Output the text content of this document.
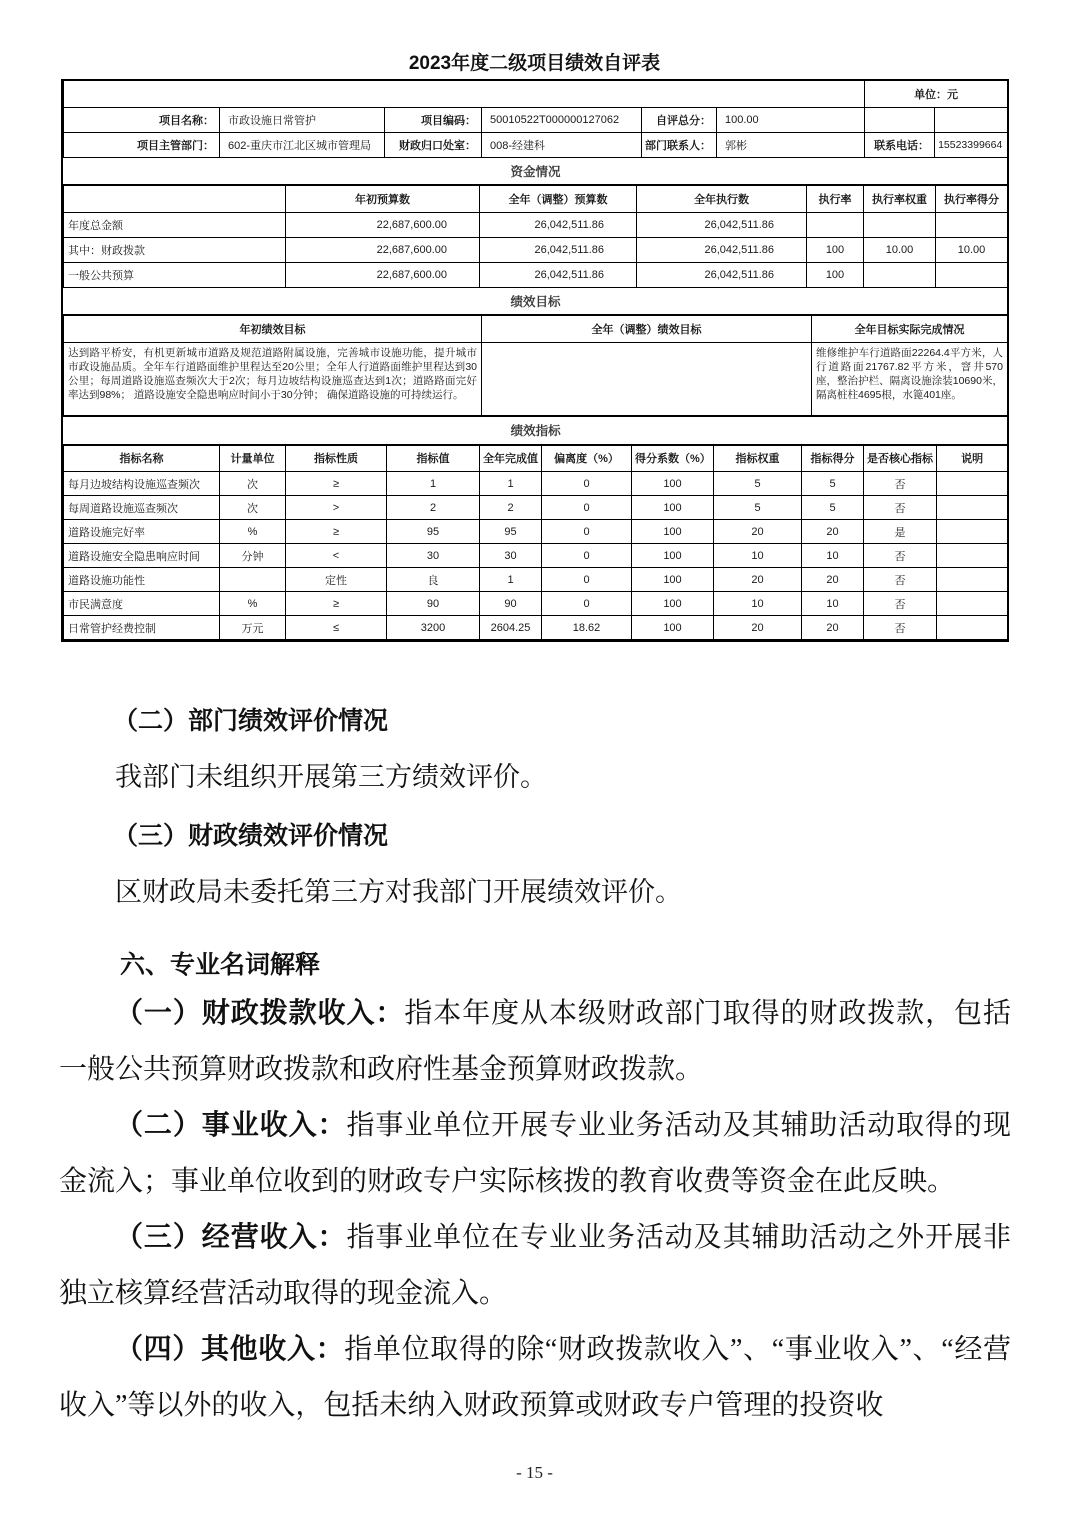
2023年度二级项目绩效自评表
						单位：元	
项目名称：	市政设施日常管护	项目编码：	50010522T000000127062	自评总分：	100.00		
项目主管部门：	602-重庆市江北区城市管理局	财政归口处室：	008-经建科	部门联系人：	郭彬	联系电话：	15523399664
资金情况						
	年初预算数	全年（调整）预算数	全年执行数	执行率	执行率权重	执行率得分
年度总金额	22,687,600.00	26,042,511.86	26,042,511.86			
其中：财政拨款	22,687,600.00	26,042,511.86	26,042,511.86	100	10.00	10.00
一般公共预算	22,687,600.00	26,042,511.86	26,042,511.86	100		
绩效目标		
年初绩效目标	全年（调整）绩效目标	全年目标实际完成情况
达到路平桥安，有机更新城市道路及规范道路附属设施，完善城市设施功能，提升城市市政设施品质。全年车行道路面维护里程达至20公里；全年人行道路面维护里程达到30公里；每周道路设施巡查频次大于2次；每月边坡结构设施巡查达到1次；道路路面完好率达到98%； 道路设施安全隐患响应时间小于30分钟； 确保道路设施的可持续运行。		维修维护车行道路面22264.4平方米，人行道路面21767.82平方米，窨井570座，整治护栏、隔离设施涂装10690米，隔离桩柱4695根，水篦401座。
绩效指标										
指标名称	计量单位	指标性质	指标值	全年完成值	偏离度（%）	得分系数（%）	指标权重	指标得分	是否核心指标	说明
每月边坡结构设施巡查频次	次	≥	1	1	0	100	5	5	否	
每周道路设施巡查频次	次	>	2	2	0	100	5	5	否	
道路设施完好率	%	≥	95	95	0	100	20	20	是	
道路设施安全隐患响应时间	分钟	<	30	30	0	100	10	10	否	
道路设施功能性		定性	良	1	0	100	20	20	否	
市民满意度	%	≥	90	90	0	100	10	10	否	
日常管护经费控制	万元	≤	3200	2604.25	18.62	100	20	20	否	
（二）部门绩效评价情况
我部门未组织开展第三方绩效评价。
（三）财政绩效评价情况
区财政局未委托第三方对我部门开展绩效评价。
六、专业名词解释

（一）财政拨款收入：指本年度从本级财政部门取得的财政拨款，包括一般公共预算财政拨款和政府性基金预算财政拨款。

（二）事业收入：指事业单位开展专业业务活动及其辅助活动取得的现金流入；事业单位收到的财政专户实际核拨的教育收费等资金在此反映。

（三）经营收入：指事业单位在专业业务活动及其辅助活动之外开展非独立核算经营活动取得的现金流入。

（四）其他收入：指单位取得的除“财政拨款收入”、“事业收入”、“经营收入”等以外的收入，包括未纳入财政预算或财政专户管理的投资收

- 15 -
